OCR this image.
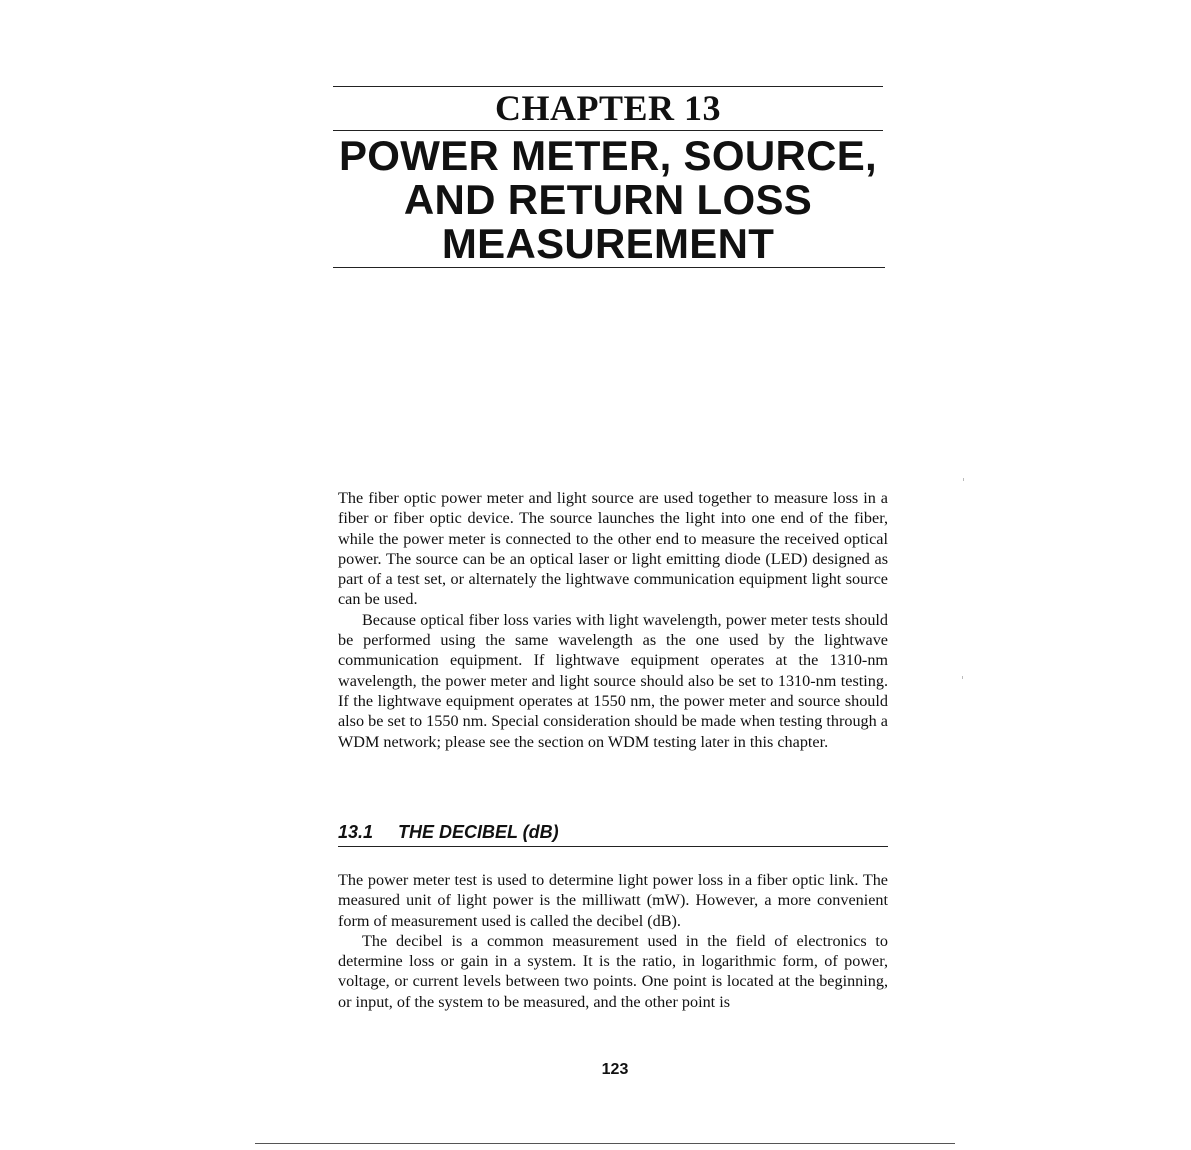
CHAPTER 13
POWER METER, SOURCE,
AND RETURN LOSS
MEASUREMENT

The fiber optic power meter and light source are used together to measure loss in a fiber or fiber optic device. The source launches the light into one end of the fiber, while the power meter is connected to the other end to measure the received optical power. The source can be an optical laser or light emitting diode (LED) designed as part of a test set, or alternately the lightwave communication equipment light source can be used.

Because optical fiber loss varies with light wavelength, power meter tests should be performed using the same wavelength as the one used by the lightwave communication equipment. If lightwave equipment operates at the 1310-nm wavelength, the power meter and light source should also be set to 1310-nm testing. If the lightwave equipment operates at 1550 nm, the power meter and source should also be set to 1550 nm. Special consideration should be made when testing through a WDM network; please see the section on WDM testing later in this chapter.

13.1 THE DECIBEL (dB)

The power meter test is used to determine light power loss in a fiber optic link. The measured unit of light power is the milliwatt (mW). However, a more convenient form of measurement used is called the decibel (dB).

The decibel is a common measurement used in the field of electronics to determine loss or gain in a system. It is the ratio, in logarithmic form, of power, voltage, or current levels between two points. One point is located at the beginning, or input, of the system to be measured, and the other point is

123
